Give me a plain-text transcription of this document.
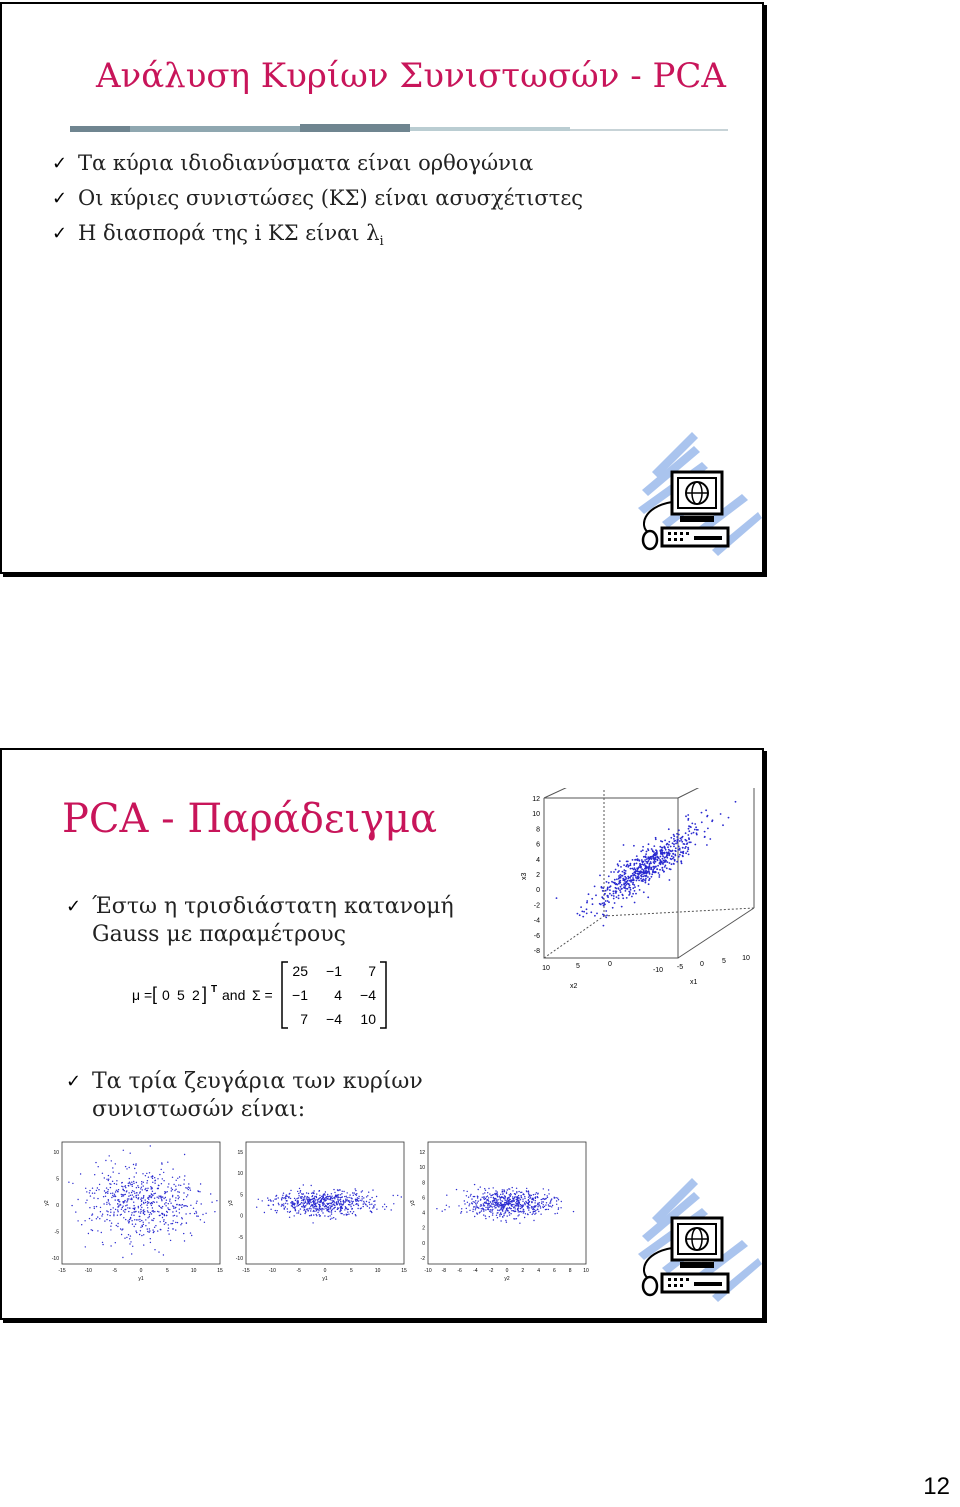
Ανάλυση Κυρίων Συνιστωσών - PCA
✓ Τα κύρια ιδιοδιανύσματα είναι ορθογώνια
✓ Οι κύριες συνιστώσες (ΚΣ) είναι ασυσχέτιστες
✓ Η διασπορά της i ΚΣ είναι $\lambda_i$
PCA - Παράδειγμα
✓ Έστω η τρισδιάστατη κατανομή Gauss με παραμέτρους
μ = [ 0 5 2 ] T and Σ =
25 −1 7
−1 4 −4
7 −4 10
12
10
8
6
4
2
0
-2
-4
-6
-8
10	5	0
-10 -5 0	5 10
x3
x2
x1
✓ Τα τρία ζευγάρια των κυρίων συνιστωσών είναι:
-15	-10	-5	0	5	10	15
10
5
0
-5
-10
y1
y2
-15	-10	-5	0	5	10	15
15
10
5
0
-5
-10
y1
y3
-10 -8 -6 -4 -2 0	2	4	6	8 10
12
10
8
6
4
2
0
-2
y2
y3
12
